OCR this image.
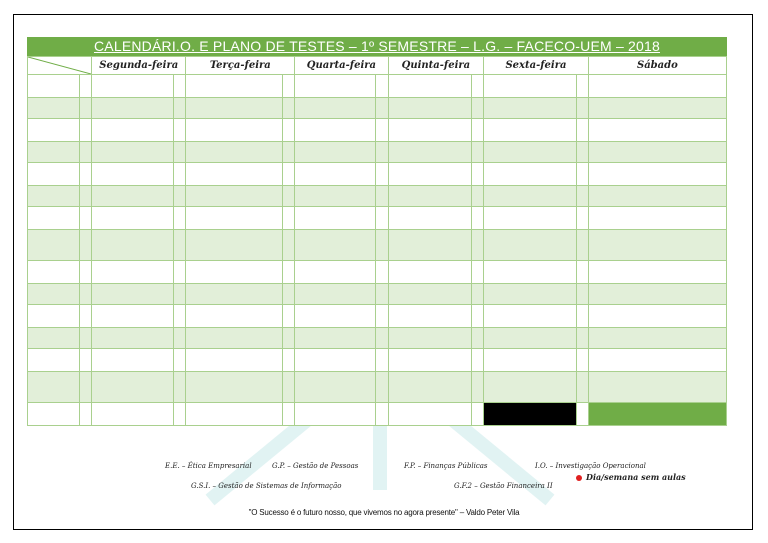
CALENDÁRI.O. E PLANO DE TESTES – 1º SEMESTRE – L.G. – FACECO-UEM – 2018
	Segunda-feira		Terça-feira		Quarta-feira		Quinta-feira		Sexta-feira		Sábado

E.E. – Ética Empresarial	G.P. – Gestão de Pessoas	F.P. – Finanças Públicas	I.O. – Investigação Operacional
G.S.I. – Gestão de Sistemas de Informação	G.F.2 – Gestão Financeira II
Dia/semana sem aulas
"O Sucesso é o futuro nosso, que vivemos no agora presente" – Valdo Peter Vila
